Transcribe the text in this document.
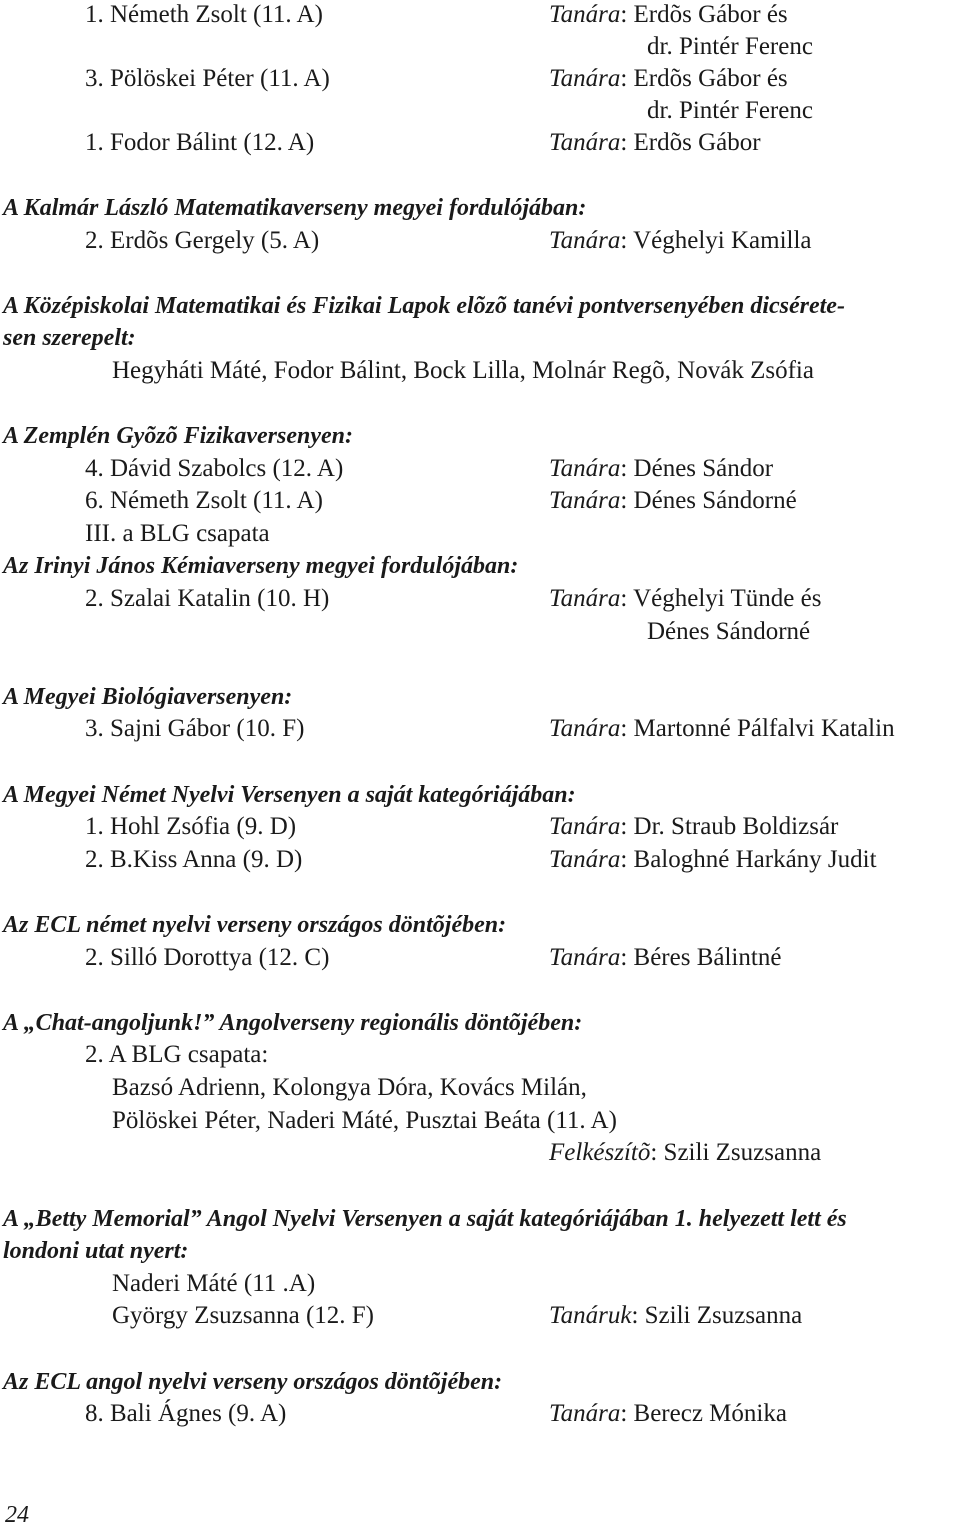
1. Németh Zsolt (11. A)	Tanára: Erdõs Gábor és
dr. Pintér Ferenc
3. Pölöskei Péter (11. A)	Tanára: Erdõs Gábor és
dr. Pintér Ferenc
1. Fodor Bálint (12. A)	Tanára: Erdõs Gábor
A Kalmár László Matematikaverseny megyei fordulójában:
2. Erdõs Gergely (5. A)	Tanára: Véghelyi Kamilla
A Középiskolai Matematikai és Fizikai Lapok elõzõ tanévi pontversenyében dicsérete-
sen szerepelt:
Hegyháti Máté, Fodor Bálint, Bock Lilla, Molnár Regõ, Novák Zsófia
A Zemplén Gyõzõ Fizikaversenyen:
4. Dávid Szabolcs (12. A)	Tanára: Dénes Sándor
6. Németh Zsolt (11. A)	Tanára: Dénes Sándorné
III. a BLG csapata
Az Irinyi János Kémiaverseny megyei fordulójában:
2. Szalai Katalin (10. H)	Tanára: Véghelyi Tünde és
Dénes Sándorné
A Megyei Biológiaversenyen:
3. Sajni Gábor (10. F)	Tanára: Martonné Pálfalvi Katalin
A Megyei Német Nyelvi Versenyen a saját kategóriájában:
1. Hohl Zsófia (9. D)	Tanára: Dr. Straub Boldizsár
2. B.Kiss Anna (9. D)	Tanára: Baloghné Harkány Judit
Az ECL német nyelvi verseny országos döntõjében:
2. Silló Dorottya (12. C)	Tanára: Béres Bálintné
A „Chat-angoljunk!” Angolverseny regionális döntõjében:
2. A BLG csapata:
Bazsó Adrienn, Kolongya Dóra, Kovács Milán,
Pölöskei Péter, Naderi Máté, Pusztai Beáta (11. A)
Felkészítõ: Szili Zsuzsanna
A „Betty Memorial” Angol Nyelvi Versenyen a saját kategóriájában 1. helyezett lett és
londoni utat nyert:
Naderi Máté (11 .A)
György Zsuzsanna (12. F)	Tanáruk: Szili Zsuzsanna
Az ECL angol nyelvi verseny országos döntõjében:
8. Bali Ágnes (9. A)	Tanára: Berecz Mónika
24
